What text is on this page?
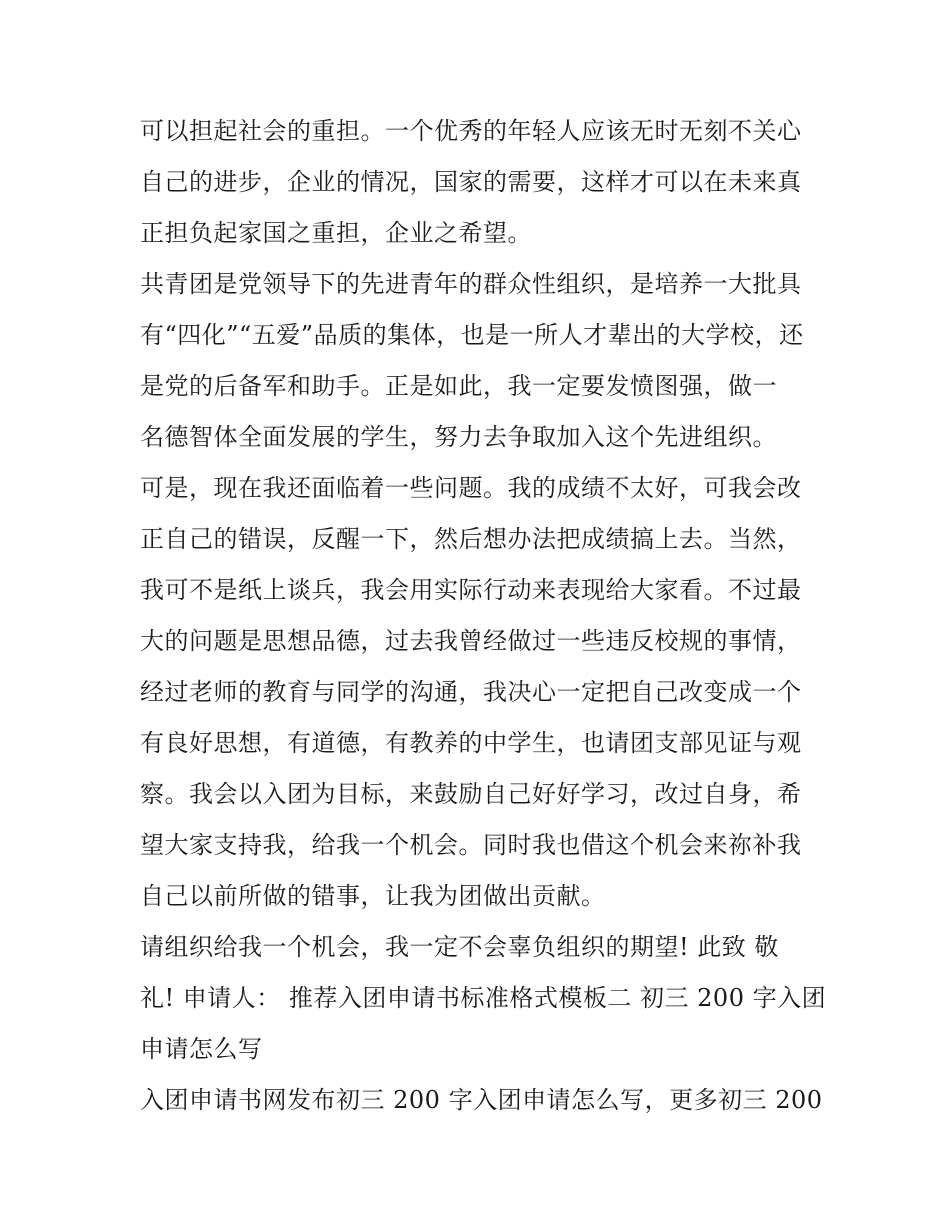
可以担起社会的重担。一个优秀的年轻人应该无时无刻不关心

自己的进步，企业的情况，国家的需要，这样才可以在未来真

正担负起家国之重担，企业之希望。

共青团是党领导下的先进青年的群众性组织，是培养一大批具

有“四化”“五爱”品质的集体，也是一所人才辈出的大学校，还

是党的后备军和助手。正是如此，我一定要发愤图强，做一

名德智体全面发展的学生，努力去争取加入这个先进组织。

可是，现在我还面临着一些问题。我的成绩不太好，可我会改

正自己的错误，反醒一下，然后想办法把成绩搞上去。当然，

我可不是纸上谈兵，我会用实际行动来表现给大家看。不过最

大的问题是思想品德，过去我曾经做过一些违反校规的事情，

经过老师的教育与同学的沟通，我决心一定把自己改变成一个

有良好思想，有道德，有教养的中学生，也请团支部见证与观

察。我会以入团为目标，来鼓励自己好好学习，改过自身，希

望大家支持我，给我一个机会。同时我也借这个机会来祢补我

自己以前所做的错事，让我为团做出贡献。

请组织给我一个机会，我一定不会辜负组织的期望! 此致 敬

礼! 申请人： 推荐入团申请书标准格式模板二 初三 200 字入团

申请怎么写

入团申请书网发布初三 200 字入团申请怎么写，更多初三 200
